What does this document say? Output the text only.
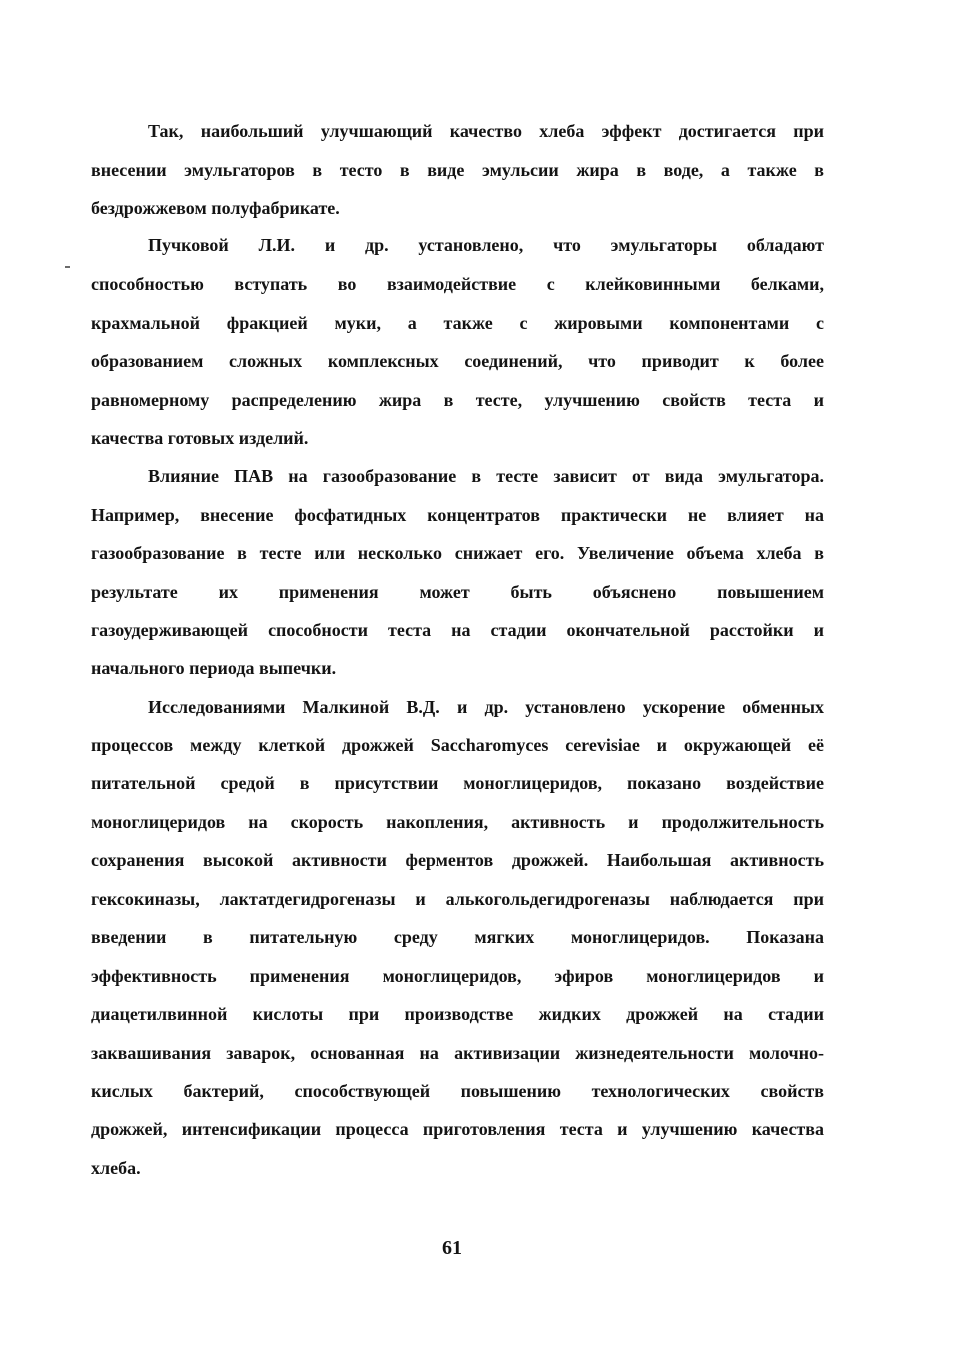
Так, наибольший улучшающий качество хлеба эффект достигается при
внесении эмульгаторов в тесто в виде эмульсии жира в воде, а также в
бездрожжевом полуфабрикате.
Пучковой Л.И. и др. установлено, что эмульгаторы обладают
способностью вступать во взаимодействие с клейковинными белками,
крахмальной фракцией муки, а также с жировыми компонентами с
образованием сложных комплексных соединений, что приводит к более
равномерному распределению жира в тесте, улучшению свойств теста и
качества готовых изделий.
Влияние ПАВ на газообразование в тесте зависит от вида эмульгатора.
Например, внесение фосфатидных концентратов практически не влияет на
газообразование в тесте или несколько снижает его. Увеличение объема хлеба в
результате их применения может быть объяснено повышением
газоудерживающей способности теста на стадии окончательной расстойки и
начального периода выпечки.
Исследованиями Малкиной В.Д. и др. установлено ускорение обменных
процессов между клеткой дрожжей Saccharomyces cerevisiae и окружающей её
питательной средой в присутствии моноглицеридов, показано воздействие
моноглицеридов на скорость накопления, активность и продолжительность
сохранения высокой активности ферментов дрожжей. Наибольшая активность
гексокиназы, лактатдегидрогеназы и алькогольдегидрогеназы наблюдается при
введении в питательную среду мягких моноглицеридов. Показана
эффективность применения моноглицеридов, эфиров моноглицеридов и
диацетилвинной кислоты при производстве жидких дрожжей на стадии
заквашивания заварок, основанная на активизации жизнедеятельности молочно-
кислых бактерий, способствующей повышению технологических свойств
дрожжей, интенсификации процесса приготовления теста и улучшению качества
хлеба.
61
